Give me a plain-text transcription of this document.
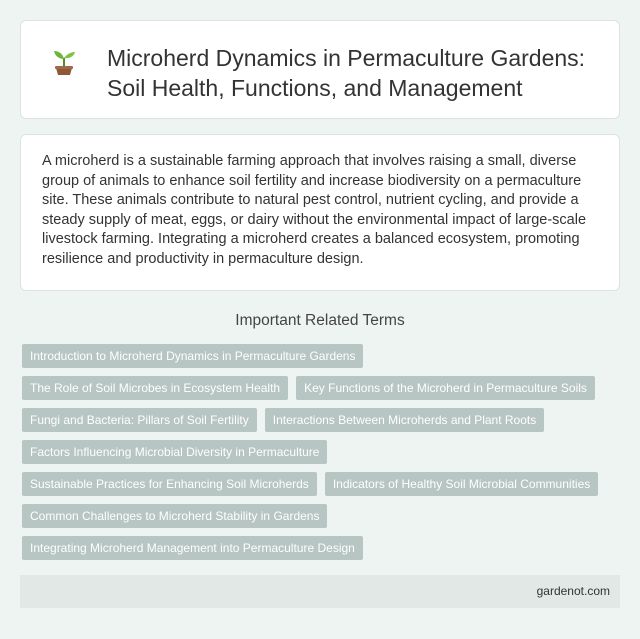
Microherd Dynamics in Permaculture Gardens: Soil Health, Functions, and Management

A microherd is a sustainable farming approach that involves raising a small, diverse group of animals to enhance soil fertility and increase biodiversity on a permaculture site. These animals contribute to natural pest control, nutrient cycling, and provide a steady supply of meat, eggs, or dairy without the environmental impact of large-scale livestock farming. Integrating a microherd creates a balanced ecosystem, promoting resilience and productivity in permaculture design.

Important Related Terms
Introduction to Microherd Dynamics in Permaculture Gardens
The Role of Soil Microbes in Ecosystem Health	Key Functions of the Microherd in Permaculture Soils
Fungi and Bacteria: Pillars of Soil Fertility	Interactions Between Microherds and Plant Roots
Factors Influencing Microbial Diversity in Permaculture
Sustainable Practices for Enhancing Soil Microherds	Indicators of Healthy Soil Microbial Communities
Common Challenges to Microherd Stability in Gardens
Integrating Microherd Management into Permaculture Design
gardenot.com
